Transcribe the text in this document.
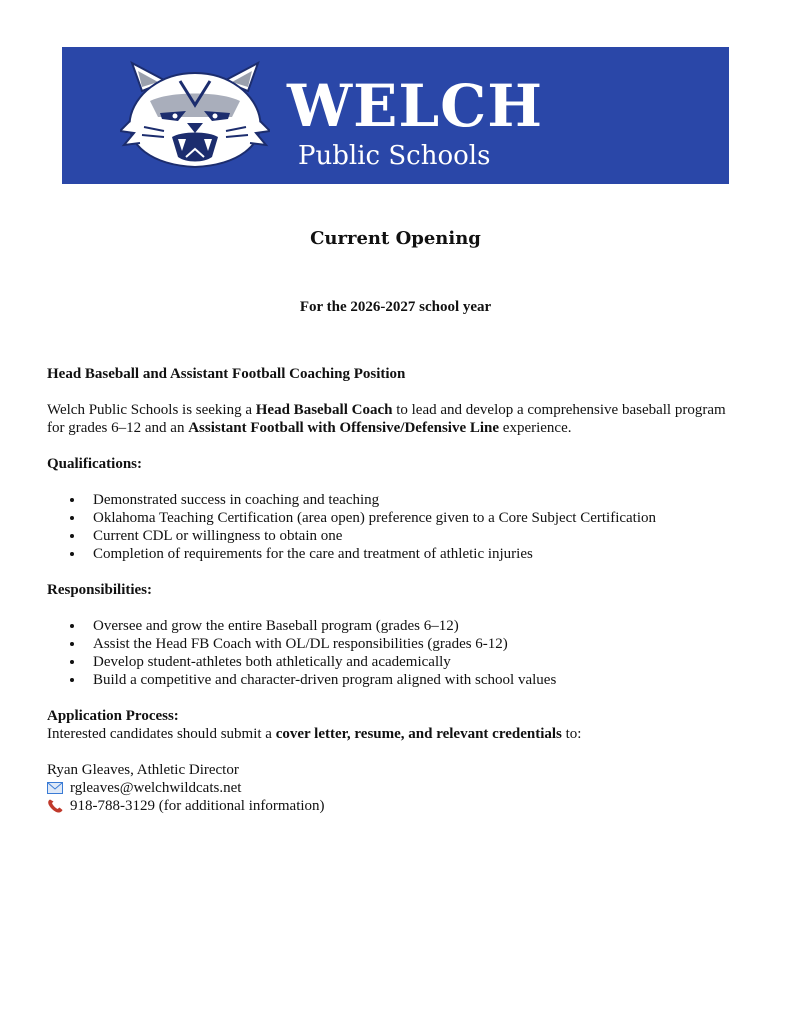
WELCH
Public Schools
Current Opening
For the 2026-2027 school year

Head Baseball and Assistant Football Coaching Position

Welch Public Schools is seeking a Head Baseball Coach to lead and develop a comprehensive baseball program for grades 6–12 and an Assistant Football with Offensive/Defensive Line experience.

Qualifications:

Demonstrated success in coaching and teaching
Oklahoma Teaching Certification (area open) preference given to a Core Subject Certification
Current CDL or willingness to obtain one
Completion of requirements for the care and treatment of athletic injuries

Responsibilities:

Oversee and grow the entire Baseball program (grades 6–12)
Assist the Head FB Coach with OL/DL responsibilities (grades 6-12)
Develop student-athletes both athletically and academically
Build a competitive and character-driven program aligned with school values

Application Process:

Interested candidates should submit a cover letter, resume, and relevant credentials to:

Ryan Gleaves, Athletic Director

rgleaves@welchwildcats.net
918-788-3129 (for additional information)
